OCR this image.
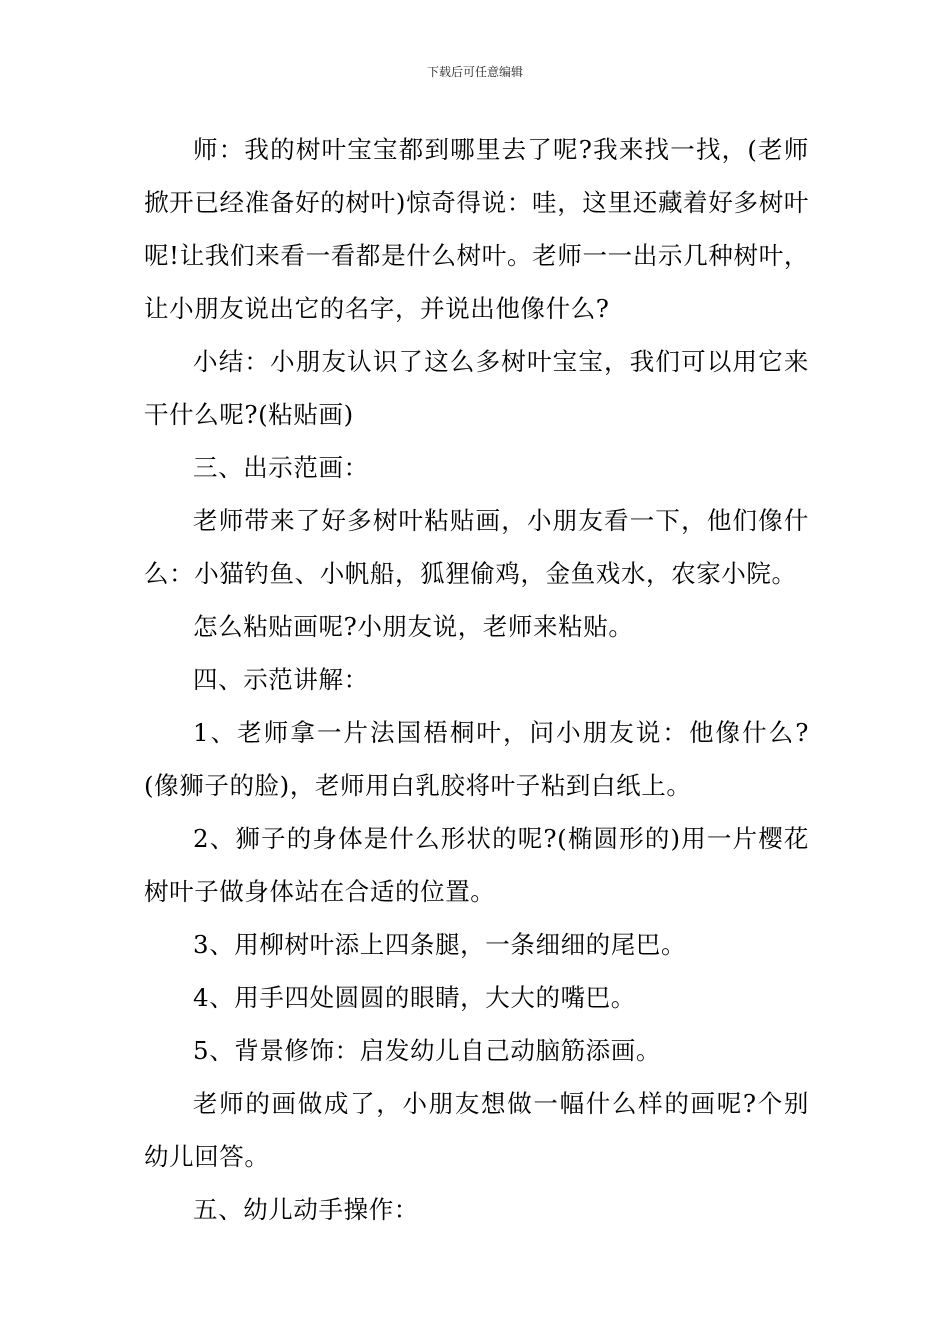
下载后可任意编辑

师：我的树叶宝宝都到哪里去了呢?我来找一找，(老师掀开已经准备好的树叶)惊奇得说：哇，这里还藏着好多树叶呢!让我们来看一看都是什么树叶。老师一一出示几种树叶，让小朋友说出它的名字，并说出他像什么?

小结：小朋友认识了这么多树叶宝宝，我们可以用它来干什么呢?(粘贴画)

三、出示范画：

老师带来了好多树叶粘贴画，小朋友看一下，他们像什么：小猫钓鱼、小帆船，狐狸偷鸡，金鱼戏水，农家小院。

怎么粘贴画呢?小朋友说，老师来粘贴。

四、示范讲解：

1、老师拿一片法国梧桐叶，问小朋友说：他像什么?(像狮子的脸)，老师用白乳胶将叶子粘到白纸上。

2、狮子的身体是什么形状的呢?(椭圆形的)用一片樱花树叶子做身体站在合适的位置。

3、用柳树叶添上四条腿，一条细细的尾巴。

4、用手四处圆圆的眼睛，大大的嘴巴。

5、背景修饰：启发幼儿自己动脑筋添画。

老师的画做成了，小朋友想做一幅什么样的画呢?个别幼儿回答。

五、幼儿动手操作：
